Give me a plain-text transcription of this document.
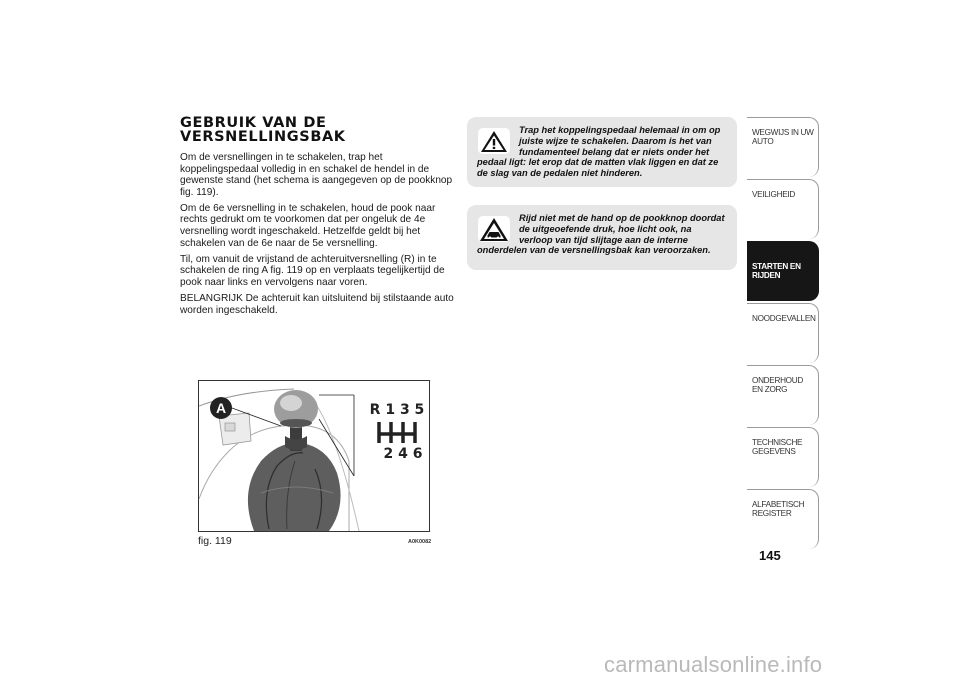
GEBRUIK VAN DE
VERSNELLINGSBAK

Om de versnellingen in te schakelen, trap het koppelingspedaal volledig in en schakel de hendel in de gewenste stand (het schema is aangegeven op de pookknop fig. 119).

Om de 6e versnelling in te schakelen, houd de pook naar rechts gedrukt om te voorkomen dat per ongeluk de 4e versnelling wordt ingeschakeld. Hetzelfde geldt bij het schakelen van de 6e naar de 5e versnelling.

Til, om vanuit de vrijstand de achteruitversnelling (R) in te schakelen de ring A fig. 119 op en verplaats tegelijkertijd de pook naar links en vervolgens naar voren.

BELANGRIJK De achteruit kan uitsluitend bij stilstaande auto worden ingeschakeld.

Trap het koppelingspedaal helemaal in om op juiste wijze te schakelen. Daarom is het van fundamenteel belang dat er niets onder het pedaal ligt: let erop dat de matten vlak liggen en dat ze de slag van de pedalen niet hinderen.
Rijd niet met de hand op de pookknop doordat de uitgeoefende druk, hoe licht ook, na verloop van tijd slijtage aan de interne onderdelen van de versnellingsbak kan veroorzaken.
A	R 1 3 5
2 4 6
fig. 119	A0K0082
WEGWIJS IN UW AUTO
VEILIGHEID
STARTEN EN RIJDEN
NOODGEVALLEN
ONDERHOUD EN ZORG
TECHNISCHE GEGEVENS
ALFABETISCH REGISTER
145
carmanualsonline.info
